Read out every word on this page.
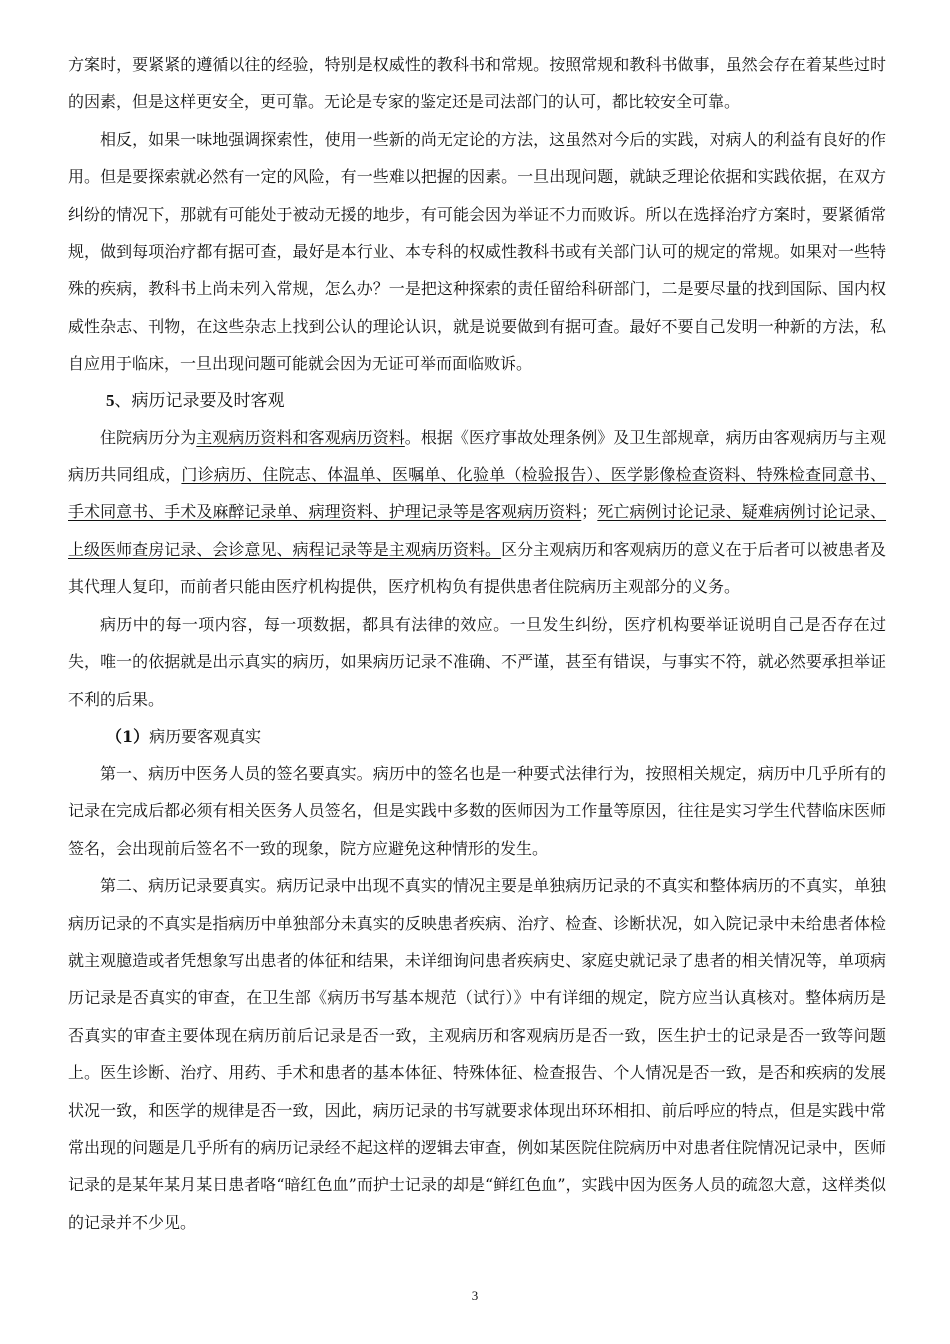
方案时，要紧紧的遵循以往的经验，特别是权威性的教科书和常规。按照常规和教科书做事，虽然会存在着某些过时的因素，但是这样更安全，更可靠。无论是专家的鉴定还是司法部门的认可，都比较安全可靠。

相反，如果一味地强调探索性，使用一些新的尚无定论的方法，这虽然对今后的实践，对病人的利益有良好的作用。但是要探索就必然有一定的风险，有一些难以把握的因素。一旦出现问题，就缺乏理论依据和实践依据，在双方纠纷的情况下，那就有可能处于被动无援的地步，有可能会因为举证不力而败诉。所以在选择治疗方案时，要紧循常规，做到每项治疗都有据可查，最好是本行业、本专科的权威性教科书或有关部门认可的规定的常规。如果对一些特殊的疾病，教科书上尚未列入常规，怎么办？一是把这种探索的责任留给科研部门，二是要尽量的找到国际、国内权威性杂志、刊物，在这些杂志上找到公认的理论认识，就是说要做到有据可查。最好不要自己发明一种新的方法，私自应用于临床，一旦出现问题可能就会因为无证可举而面临败诉。

5、病历记录要及时客观

住院病历分为主观病历资料和客观病历资料。根据《医疗事故处理条例》及卫生部规章，病历由客观病历与主观病历共同组成，门诊病历、住院志、体温单、医嘱单、化验单（检验报告）、医学影像检查资料、特殊检查同意书、手术同意书、手术及麻醉记录单、病理资料、护理记录等是客观病历资料；死亡病例讨论记录、疑难病例讨论记录、上级医师查房记录、会诊意见、病程记录等是主观病历资料。区分主观病历和客观病历的意义在于后者可以被患者及其代理人复印，而前者只能由医疗机构提供，医疗机构负有提供患者住院病历主观部分的义务。

病历中的每一项内容，每一项数据，都具有法律的效应。一旦发生纠纷，医疗机构要举证说明自己是否存在过失，唯一的依据就是出示真实的病历，如果病历记录不准确、不严谨，甚至有错误，与事实不符，就必然要承担举证不利的后果。

（1）病历要客观真实

第一、病历中医务人员的签名要真实。病历中的签名也是一种要式法律行为，按照相关规定，病历中几乎所有的记录在完成后都必须有相关医务人员签名，但是实践中多数的医师因为工作量等原因，往往是实习学生代替临床医师签名，会出现前后签名不一致的现象，院方应避免这种情形的发生。

第二、病历记录要真实。病历记录中出现不真实的情况主要是单独病历记录的不真实和整体病历的不真实，单独病历记录的不真实是指病历中单独部分未真实的反映患者疾病、治疗、检查、诊断状况，如入院记录中未给患者体检就主观臆造或者凭想象写出患者的体征和结果，未详细询问患者疾病史、家庭史就记录了患者的相关情况等，单项病历记录是否真实的审查，在卫生部《病历书写基本规范（试行）》中有详细的规定，院方应当认真核对。整体病历是否真实的审查主要体现在病历前后记录是否一致，主观病历和客观病历是否一致，医生护士的记录是否一致等问题上。医生诊断、治疗、用药、手术和患者的基本体征、特殊体征、检查报告、个人情况是否一致，是否和疾病的发展状况一致，和医学的规律是否一致，因此，病历记录的书写就要求体现出环环相扣、前后呼应的特点，但是实践中常常出现的问题是几乎所有的病历记录经不起这样的逻辑去审查，例如某医院住院病历中对患者住院情况记录中，医师记录的是某年某月某日患者咯“暗红色血”而护士记录的却是“鲜红色血”，实践中因为医务人员的疏忽大意，这样类似的记录并不少见。

3
